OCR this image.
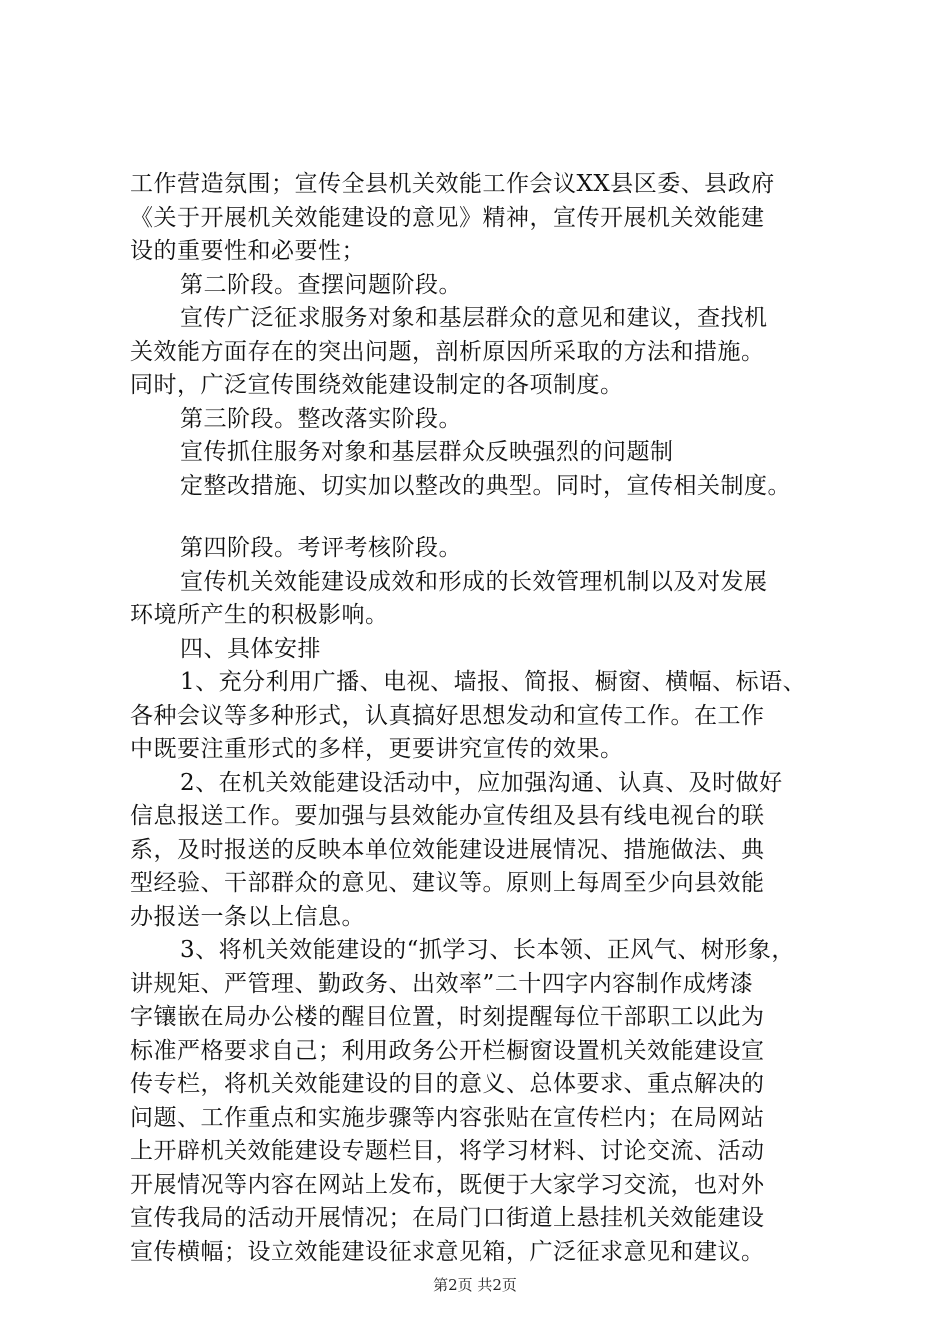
工作营造氛围；宣传全县机关效能工作会议XX县区委、县政府
《关于开展机关效能建设的意见》精神，宣传开展机关效能建
设的重要性和必要性；
第二阶段。查摆问题阶段。
宣传广泛征求服务对象和基层群众的意见和建议，查找机
关效能方面存在的突出问题，剖析原因所采取的方法和措施。
同时，广泛宣传围绕效能建设制定的各项制度。
第三阶段。整改落实阶段。
宣传抓住服务对象和基层群众反映强烈的问题制
定整改措施、切实加以整改的典型。同时，宣传相关制度。
第四阶段。考评考核阶段。
宣传机关效能建设成效和形成的长效管理机制以及对发展
环境所产生的积极影响。
四、具体安排
1、充分利用广播、电视、墙报、简报、橱窗、横幅、标语、
各种会议等多种形式，认真搞好思想发动和宣传工作。在工作
中既要注重形式的多样，更要讲究宣传的效果。
2、在机关效能建设活动中，应加强沟通、认真、及时做好
信息报送工作。要加强与县效能办宣传组及县有线电视台的联
系，及时报送的反映本单位效能建设进展情况、措施做法、典
型经验、干部群众的意见、建议等。原则上每周至少向县效能
办报送一条以上信息。
3、将机关效能建设的“抓学习、长本领、正风气、树形象，
讲规矩、严管理、勤政务、出效率”二十四字内容制作成烤漆
字镶嵌在局办公楼的醒目位置，时刻提醒每位干部职工以此为
标准严格要求自己；利用政务公开栏橱窗设置机关效能建设宣
传专栏，将机关效能建设的目的意义、总体要求、重点解决的
问题、工作重点和实施步骤等内容张贴在宣传栏内；在局网站
上开辟机关效能建设专题栏目，将学习材料、讨论交流、活动
开展情况等内容在网站上发布，既便于大家学习交流，也对外
宣传我局的活动开展情况；在局门口街道上悬挂机关效能建设
宣传横幅；设立效能建设征求意见箱，广泛征求意见和建议。
第2页 共2页
